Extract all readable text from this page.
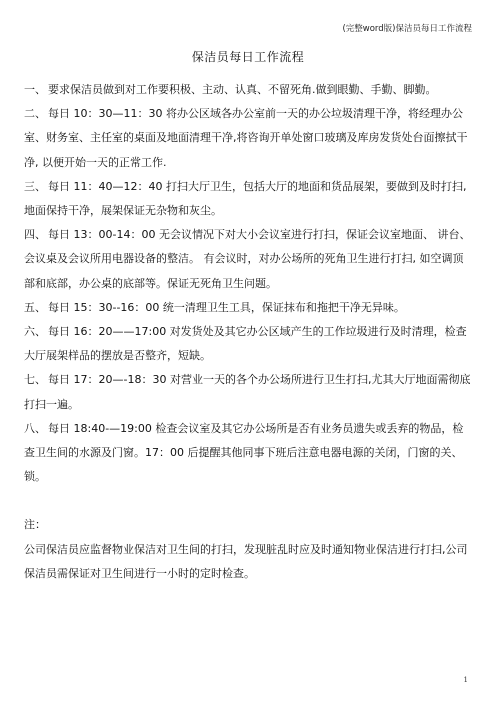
(完整word版)保洁员每日工作流程
保洁员每日工作流程

一、 要求保洁员做到对工作要积极、主动、认真、不留死角.做到眼勤、手勤、脚勤。

二、 每日 10：30—11：30 将办公区域各办公室前一天的办公垃圾清理干净，将经理办公室、财务室、主任室的桌面及地面清理干净,将咨询开单处窗口玻璃及库房发货处台面擦拭干净, 以便开始一天的正常工作.

三、 每日 11：40—12：40 打扫大厅卫生，包括大厅的地面和货品展架，要做到及时打扫,地面保持干净，展架保证无杂物和灰尘。

四、 每日 13：00-14：00 无会议情况下对大小会议室进行打扫，保证会议室地面、 讲台、会议桌及会议所用电器设备的整洁。 有会议时，对办公场所的死角卫生进行打扫, 如空调顶部和底部，办公桌的底部等。保证无死角卫生问题。

五、 每日 15：30--16：00 统一清理卫生工具，保证抹布和拖把干净无异味。

六、 每日 16：20——17:00 对发货处及其它办公区域产生的工作垃圾进行及时清理，检查大厅展架样品的摆放是否整齐，短缺。

七、 每日 17：20—-18：30 对营业一天的各个办公场所进行卫生打扫,尤其大厅地面需彻底打扫一遍。

八、 每日 18:40-—19:00 检查会议室及其它办公场所是否有业务员遗失或丢弃的物品，检查卫生间的水源及门窗。17：00 后提醒其他同事下班后注意电器电源的关闭，门窗的关、锁。

注：

公司保洁员应监督物业保洁对卫生间的打扫，发现脏乱时应及时通知物业保洁进行打扫,公司保洁员需保证对卫生间进行一小时的定时检查。

1
